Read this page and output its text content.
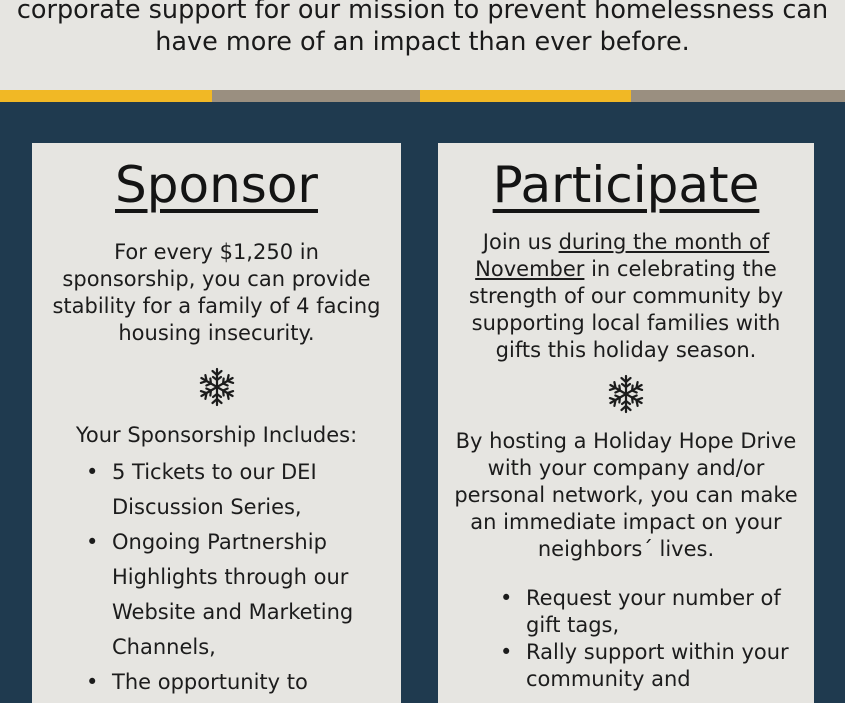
corporate support for our mission to prevent homelessness can
have more of an impact than ever before.

Sponsor

For every $1,250 in sponsorship, you can provide stability for a family of 4 facing housing insecurity.

Your Sponsorship Includes:

• 5 Tickets to our DEI Discussion Series,
• Ongoing Partnership Highlights through our Website and Marketing Channels,
• The opportunity to
Participate

Join us during the month of November in celebrating the strength of our community by supporting local families with gifts this holiday season.

By hosting a Holiday Hope Drive with your company and/or personal network, you can make an immediate impact on your neighbors´ lives.

• Request your number of gift tags,
• Rally support within your community and
